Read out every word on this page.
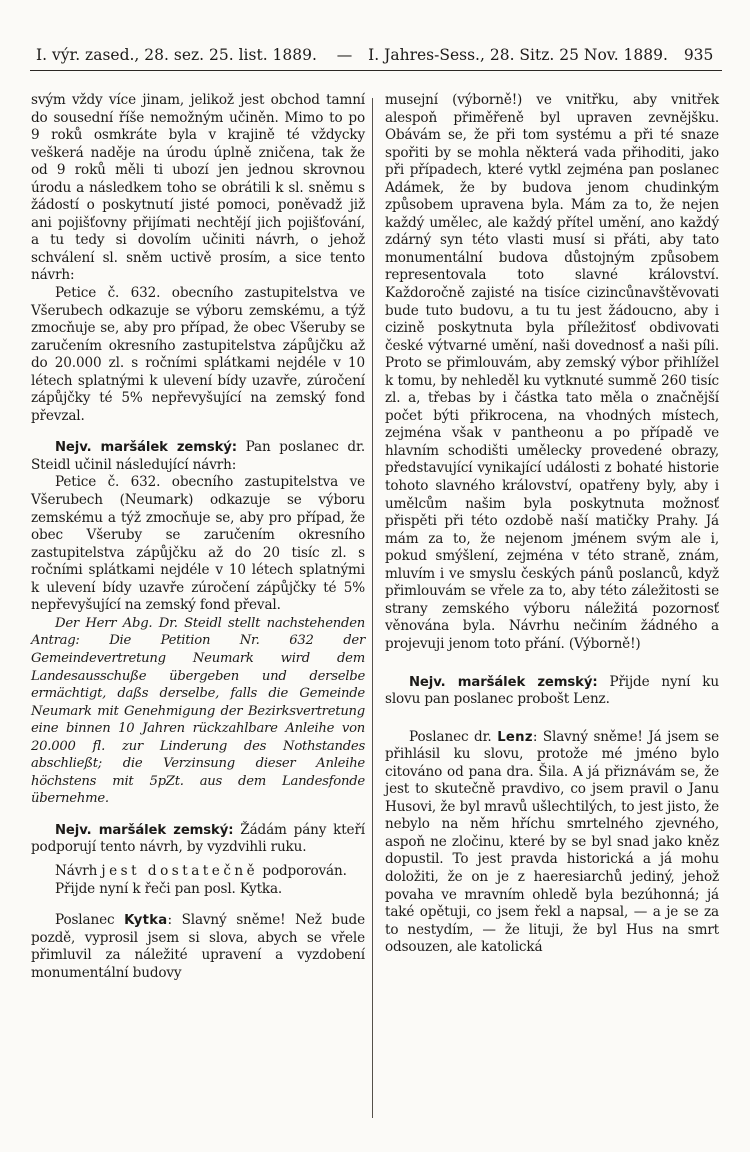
I. výr. zased., 28. sez. 25. list. 1889. — I. Jahres-Sess., 28. Sitz. 25 Nov. 1889. 935

svým vždy více jinam, jelikož jest obchod tamní do sousední říše nemožným učiněn. Mimo to po 9 roků osmkráte byla v krajině té vždycky veškerá naděje na úrodu úplně zničena, tak že od 9 roků měli ti ubozí jen jednou skrovnou úrodu a následkem toho se obrátili k sl. sněmu s žádostí o poskytnutí jisté pomoci, poněvadž již ani pojišťovny přijímati nechtějí jich pojišťování, a tu tedy si dovolím učiniti návrh, o jehož schválení sl. sněm uctivě prosím, a sice tento návrh:

Petice č. 632. obecního zastupitelstva ve Všerubech odkazuje se výboru zemskému, a týž zmocňuje se, aby pro případ, že obec Všeruby se zaručením okresního zastupitelstva zápůjčku až do 20.000 zl. s ročními splátkami nejdéle v 10 létech splatnými k ulevení bídy uzavře, zúročení zápůjčky té 5% nepřevyšující na zemský fond převzal.

Nejv. maršálek zemský: Pan poslanec dr. Steidl učinil následující návrh:

Petice č. 632. obecního zastupitelstva ve Všerubech (Neumark) odkazuje se výboru zemskému a týž zmocňuje se, aby pro případ, že obec Všeruby se zaručením okresního zastupitelstva zápůjčku až do 20 tisíc zl. s ročními splátkami nejdéle v 10 létech splatnými k ulevení bídy uzavře zúročení zápůjčky té 5% nepřevyšující na zemský fond převal.

Der Herr Abg. Dr. Steidl stellt nachstehenden Antrag: Die Petition Nr. 632 der Gemeindevertretung Neumark wird dem Landesausschuße übergeben und derselbe ermächtigt, daßs derselbe, falls die Gemeinde Neumark mit Genehmigung der Bezirksvertretung eine binnen 10 Jahren rückzahlbare Anleihe von 20.000 fl. zur Linderung des Nothstandes abschließt; die Verzinsung dieser Anleihe höchstens mit 5pZt. aus dem Landesfonde übernehme.

Nejv. maršálek zemský: Žádám pány kteří podporují tento návrh, by vyzdvihli ruku.

Návrh jest dostatečně podporován.

Přijde nyní k řeči pan posl. Kytka.

Poslanec Kytka: Slavný sněme! Než bude pozdě, vyprosil jsem si slova, abych se vřele přimluvil za náležité upravení a vyzdobení monumentální budovy

musejní (výborně!) ve vnitřku, aby vnitřek alespoň přiměřeně byl upraven zevnějšku. Obávám se, že při tom systému a při té snaze spořiti by se mohla některá vada přihoditi, jako při případech, které vytkl zejména pan poslanec Adámek, že by budova jenom chudinkým způsobem upravena byla. Mám za to, že nejen každý umělec, ale každý přítel umění, ano každý zdárný syn této vlasti musí si přáti, aby tato monumentální budova důstojným způsobem representovala toto slavné království. Každoročně zajisté na tisíce cizincůnavštěvovati bude tuto budovu, a tu tu jest žádoucno, aby i cizině poskytnuta byla příležitosť obdivovati české výtvarné umění, naši dovednosť a naši píli. Proto se přimlouvám, aby zemský výbor přihlížel k tomu, by nehleděl ku vytknuté summě 260 tisíc zl. a, třebas by i částka tato měla o značnější počet býti přikrocena, na vhodných místech, zejména však v pantheonu a po případě ve hlavním schodišti umělecky provedené obrazy, představující vynikající události z bohaté historie tohoto slavného království, opatřeny byly, aby i umělcům našim byla poskytnuta možnosť přispěti při této ozdobě naší matičky Prahy. Já mám za to, že nejenom jménem svým ale i, pokud smýšlení, zejména v této straně, znám, mluvím i ve smyslu českých pánů poslanců, když přimlouvám se vřele za to, aby této záležitosti se strany zemského výboru náležitá pozornosť věnována byla. Návrhu nečiním žádného a projevuji jenom toto přání. (Výborně!)

Nejv. maršálek zemský: Přijde nyní ku slovu pan poslanec probošt Lenz.

Poslanec dr. Lenz: Slavný sněme! Já jsem se přihlásil ku slovu, protože mé jméno bylo citováno od pana dra. Šila. A já přiznávám se, že jest to skutečně pravdivo, co jsem pravil o Janu Husovi, že byl mravů ušlechtilých, to jest jisto, že nebylo na něm hříchu smrtelného zjevného, aspoň ne zločinu, které by se byl snad jako kněz dopustil. To jest pravda historická a já mohu doložiti, že on je z haeresiarchů jediný, jehož povaha ve mravním ohledě byla bezúhonná; já také opětuji, co jsem řekl a napsal, — a je se za to nestydím, — že lituji, že byl Hus na smrt odsouzen, ale katolická
